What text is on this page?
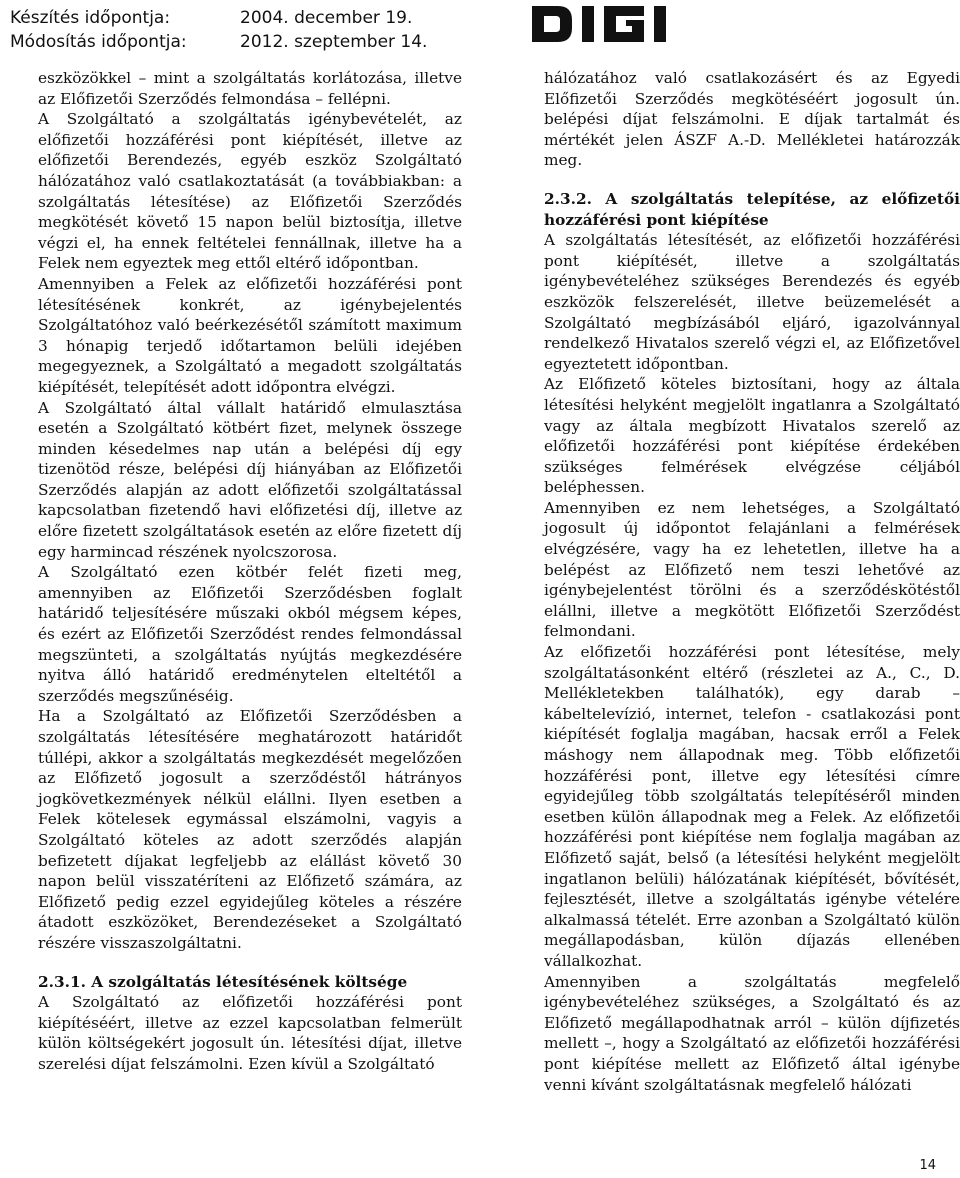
Készítés időpontja:	2004. december 19.
Módosítás időpontja:	2012. szeptember 14.

eszközökkel – mint a szolgáltatás korlátozása, illetve az Előfizetői Szerződés felmondása – fellépni.

A Szolgáltató a szolgáltatás igénybevételét, az előfizetői hozzáférési pont kiépítését, illetve az előfizetői Berendezés, egyéb eszköz Szolgáltató hálózatához való csatlakoztatását (a továbbiakban: a szolgáltatás létesítése) az Előfizetői Szerződés megkötését követő 15 napon belül biztosítja, illetve végzi el, ha ennek feltételei fennállnak, illetve ha a Felek nem egyeztek meg ettől eltérő időpontban.

Amennyiben a Felek az előfizetői hozzáférési pont létesítésének konkrét, az igénybejelentés Szolgáltatóhoz való beérkezésétől számított maximum 3 hónapig terjedő időtartamon belüli idejében megegyeznek, a Szolgáltató a megadott szolgáltatás kiépítését, telepítését adott időpontra elvégzi.

A Szolgáltató által vállalt határidő elmulasztása esetén a Szolgáltató kötbért fizet, melynek összege minden késedelmes nap után a belépési díj egy tizenötöd része, belépési díj hiányában az Előfizetői Szerződés alapján az adott előfizetői szolgáltatással kapcsolatban fizetendő havi előfizetési díj, illetve az előre fizetett szolgáltatások esetén az előre fizetett díj egy harmincad részének nyolcszorosa.

A Szolgáltató ezen kötbér felét fizeti meg, amennyiben az Előfizetői Szerződésben foglalt határidő teljesítésére műszaki okból mégsem képes, és ezért az Előfizetői Szerződést rendes felmondással megszünteti, a szolgáltatás nyújtás megkezdésére nyitva álló határidő eredménytelen elteltétől a szerződés megszűnéséig.

Ha a Szolgáltató az Előfizetői Szerződésben a szolgáltatás létesítésére meghatározott határidőt túllépi, akkor a szolgáltatás megkezdését megelőzően az Előfizető jogosult a szerződéstől hátrányos jogkövetkezmények nélkül elállni. Ilyen esetben a Felek kötelesek egymással elszámolni, vagyis a Szolgáltató köteles az adott szerződés alapján befizetett díjakat legfeljebb az elállást követő 30 napon belül visszatéríteni az Előfizető számára, az Előfizető pedig ezzel egyidejűleg köteles a részére átadott eszközöket, Berendezéseket a Szolgáltató részére visszaszolgáltatni.

2.3.1. A szolgáltatás létesítésének költsége

A Szolgáltató az előfizetői hozzáférési pont kiépítéséért, illetve az ezzel kapcsolatban felmerült külön költségekért jogosult ún. létesítési díjat, illetve szerelési díjat felszámolni. Ezen kívül a Szolgáltató

hálózatához való csatlakozásért és az Egyedi Előfizetői Szerződés megkötéséért jogosult ún. belépési díjat felszámolni. E díjak tartalmát és mértékét jelen ÁSZF A.-D. Mellékletei határozzák meg.

2.3.2. A szolgáltatás telepítése, az előfizetői hozzáférési pont kiépítése

A szolgáltatás létesítését, az előfizetői hozzáférési pont kiépítését, illetve a szolgáltatás igénybevételéhez szükséges Berendezés és egyéb eszközök felszerelését, illetve beüzemelését a Szolgáltató megbízásából eljáró, igazolvánnyal rendelkező Hivatalos szerelő végzi el, az Előfizetővel egyeztetett időpontban.

Az Előfizető köteles biztosítani, hogy az általa létesítési helyként megjelölt ingatlanra a Szolgáltató vagy az általa megbízott Hivatalos szerelő az előfizetői hozzáférési pont kiépítése érdekében szükséges felmérések elvégzése céljából beléphessen.

Amennyiben ez nem lehetséges, a Szolgáltató jogosult új időpontot felajánlani a felmérések elvégzésére, vagy ha ez lehetetlen, illetve ha a belépést az Előfizető nem teszi lehetővé az igénybejelentést törölni és a szerződéskötéstől elállni, illetve a megkötött Előfizetői Szerződést felmondani.

Az előfizetői hozzáférési pont létesítése, mely szolgáltatásonként eltérő (részletei az A., C., D. Mellékletekben találhatók), egy darab – kábeltelevízió, internet, telefon - csatlakozási pont kiépítését foglalja magában, hacsak erről a Felek máshogy nem állapodnak meg. Több előfizetői hozzáférési pont, illetve egy létesítési címre egyidejűleg több szolgáltatás telepítéséről minden esetben külön állapodnak meg a Felek. Az előfizetői hozzáférési pont kiépítése nem foglalja magában az Előfizető saját, belső (a létesítési helyként megjelölt ingatlanon belüli) hálózatának kiépítését, bővítését, fejlesztését, illetve a szolgáltatás igénybe vételére alkalmassá tételét. Erre azonban a Szolgáltató külön megállapodásban, külön díjazás ellenében vállalkozhat.

Amennyiben a szolgáltatás megfelelő igénybevételéhez szükséges, a Szolgáltató és az Előfizető megállapodhatnak arról – külön díjfizetés mellett –, hogy a Szolgáltató az előfizetői hozzáférési pont kiépítése mellett az Előfizető által igénybe venni kívánt szolgáltatásnak megfelelő hálózati

14
